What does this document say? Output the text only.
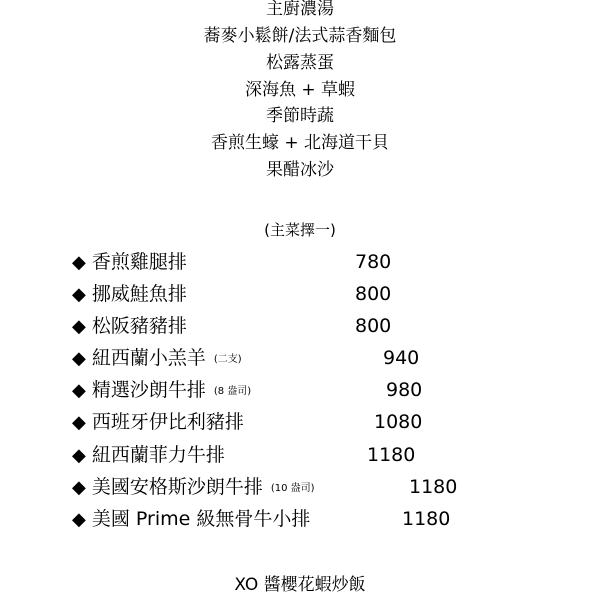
主廚濃湯
蕎麥小鬆餅/法式蒜香麵包
松露蒸蛋
深海魚 + 草蝦
季節時蔬
香煎生蠔 + 北海道干貝
果醋冰沙
(主菜擇一)
◆ 香煎雞腿排	780
◆ 挪威鮭魚排	800
◆ 松阪豬豬排	800
◆ 紐西蘭小羔羊 (二支)	940
◆ 精選沙朗牛排 (8 盎司)	980
◆ 西班牙伊比利豬排	1080
◆ 紐西蘭菲力牛排	1180
◆ 美國安格斯沙朗牛排 (10 盎司)	1180
◆ 美國 Prime 級無骨牛小排	1180
XO 醬櫻花蝦炒飯
